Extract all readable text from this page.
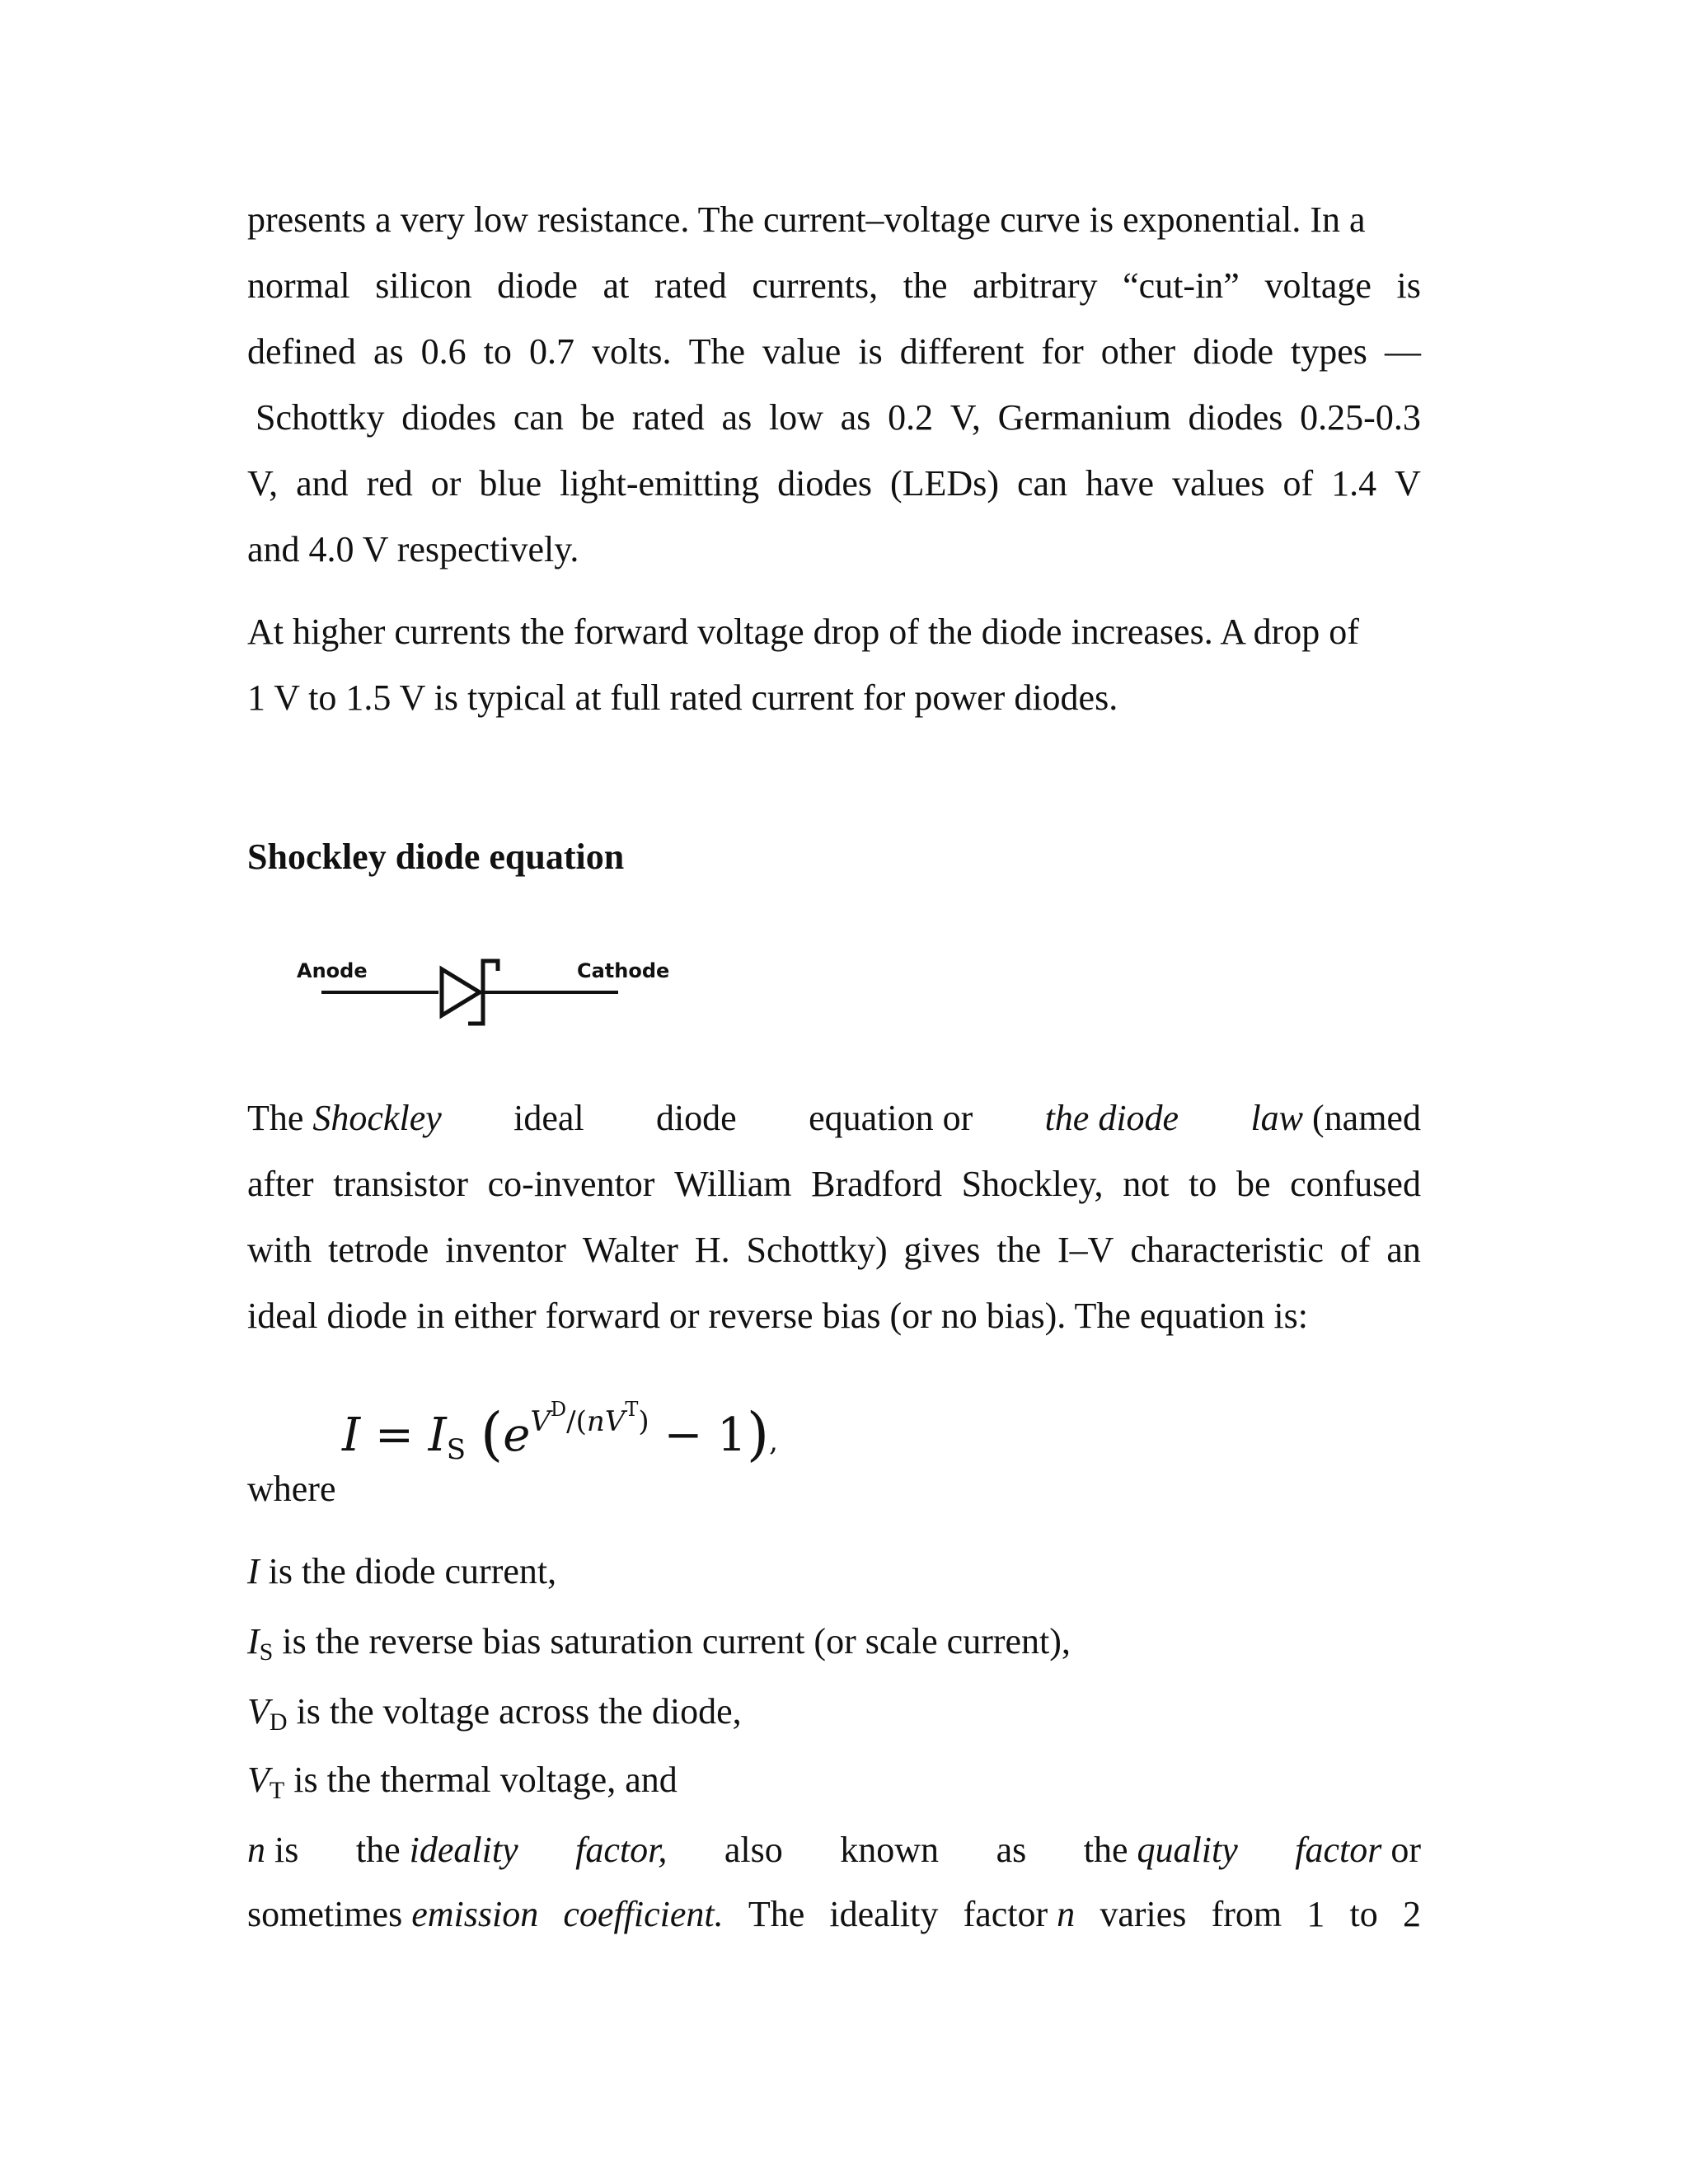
presents a very low resistance. The current–voltage curve is exponential. In a
normal silicon diode at rated currents, the arbitrary “cut-in” voltage is
defined as 0.6 to 0.7 volts. The value is different for other diode types —
Schottky diodes can be rated as low as 0.2 V, Germanium diodes 0.25-0.3
V, and red or blue light-emitting diodes (LEDs) can have values of 1.4 V
and 4.0 V respectively.
At higher currents the forward voltage drop of the diode increases. A drop of
1 V to 1.5 V is typical at full rated current for power diodes.
Shockley diode equation
Anode	Cathode
The Shockley ideal diode equation or the diode law (named
after transistor co-inventor William Bradford Shockley, not to be confused
with tetrode inventor Walter H. Schottky) gives the I–V characteristic of an
ideal diode in either forward or reverse bias (or no bias). The equation is:
I = IS $(e^{V^D/(nV^T)} - 1)$,
where
I is the diode current,
$I_S$ is the reverse bias saturation current (or scale current),
$V_D$ is the voltage across the diode,
$V_T$ is the thermal voltage, and
n is the ideality factor, also known as the quality factor or
sometimes emission coefficient. The ideality factor n varies from 1 to 2
